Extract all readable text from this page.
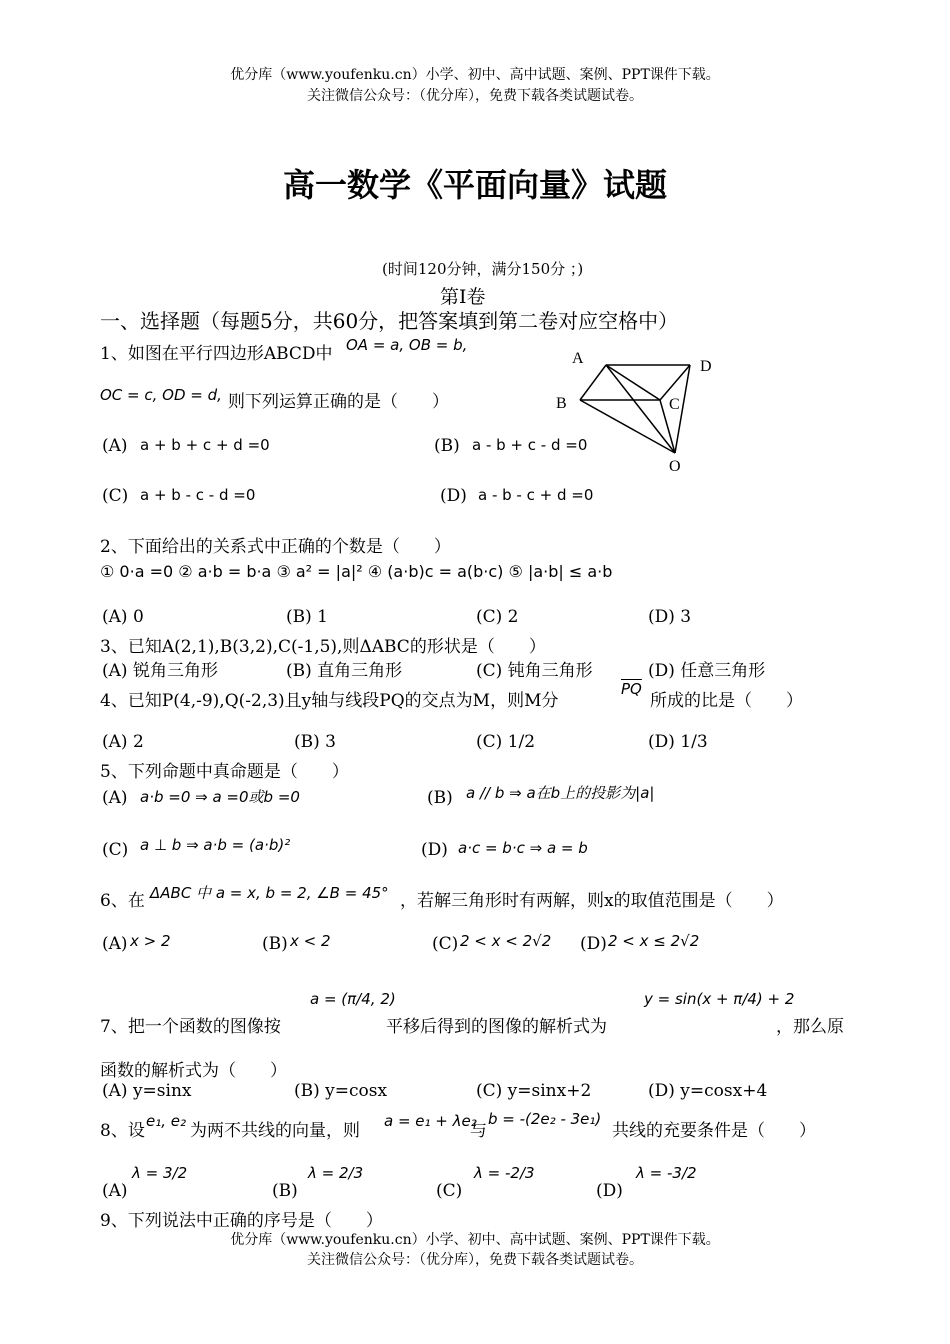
优分库（www.youfenku.cn）小学、初中、高中试题、案例、PPT课件下载。
关注微信公众号：（优分库），免费下载各类试题试卷。
高一数学《平面向量》试题
(时间120分钟，满分150分 ；)
第Ⅰ卷
一、选择题（每题5分，共60分，把答案填到第二卷对应空格中）
1、如图在平行四边形ABCD中 OA = a, OB = b,
OC = c, OD = d, 则下列运算正确的是（　　）
(A) a + b + c + d =0	(B) a - b + c - d =0
(C) a + b - c - d =0	(D) a - b - c + d =0
A	D
B	C
O
2、下面给出的关系式中正确的个数是（　　）
① 0·a =0 ② a·b = b·a ③ a² = |a|² ④ (a·b)c = a(b·c) ⑤ |a·b| ≤ a·b
(A) 0	(B) 1	(C) 2	(D) 3
3、已知A(2,1),B(3,2),C(-1,5),则ΔABC的形状是（　　）
(A) 锐角三角形	(B) 直角三角形	(C) 钝角三角形	(D) 任意三角形
4、已知P(4,-9),Q(-2,3)且y轴与线段PQ的交点为M，则M分
$\overline{PQ}$
所成的比是（　　）
(A) 2	(B) 3	(C) 1/2	(D) 1/3
5、下列命题中真命题是（　　）
(A) a·b =0 ⇒ a =0或b =0	(B) a // b ⇒ a在b上的投影为|a|
(C) a ⊥ b ⇒ a·b = (a·b)²	(D) a·c = b·c ⇒ a = b
6、在 ΔABC 中 a = x, b = 2, ∠B = 45° ，若解三角形时有两解，则x的取值范围是（　　）
(A) x > 2	(B) x < 2	(C) 2 < x < 2√2 (D) 2 < x ≤ 2√2
7、把一个函数的图像按
a = (π/4, 2)
平移后得到的图像的解析式为
y = sin(x + π/4) + 2
，那么原
函数的解析式为（　　）
(A) y=sinx	(B) y=cosx	(C) y=sinx+2	(D) y=cosx+4
8、设 e₁, e₂ 为两不共线的向量，则 a = e₁ + λe₂
与
b = -(2e₂ - 3e₁)
共线的充要条件是（　　）
(A)
λ = 3/2
(B)
λ = 2/3
(C)
λ = -2/3
(D)
λ = -3/2
9、下列说法中正确的序号是（　　）
优分库（www.youfenku.cn）小学、初中、高中试题、案例、PPT课件下载。
关注微信公众号：（优分库），免费下载各类试题试卷。
